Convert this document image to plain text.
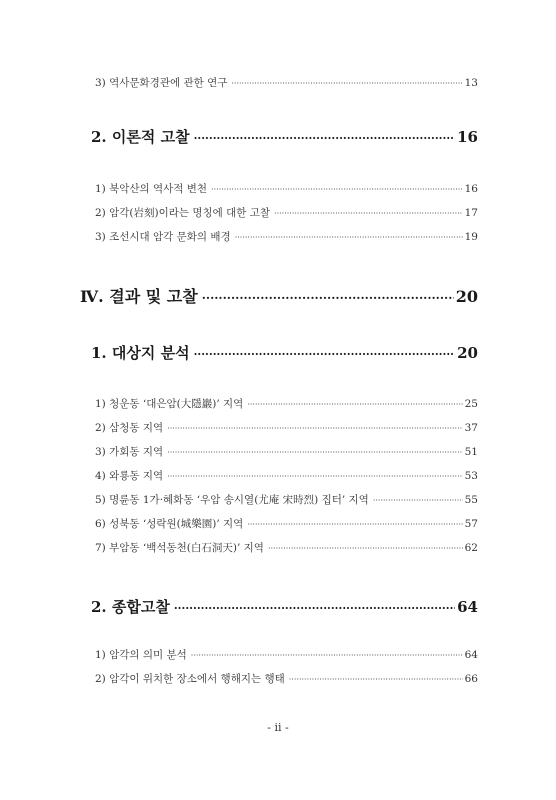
3) 역사문화경관에 관한 연구 ·····	13
2. 이론적 고찰 ·····	16
1) 북악산의 역사적 변천 ·····	16
2) 암각(岩刻)이라는 명칭에 대한 고찰 ·····	17
3) 조선시대 암각 문화의 배경 ·····	19
Ⅳ. 결과 및 고찰 ·····	20
1. 대상지 분석 ·····	20
1) 청운동 ‘대은암(大隱巖)’ 지역 ·····	25
2) 삼청동 지역 ·····	37
3) 가회동 지역 ·····	51
4) 와룡동 지역 ·····	53
5) 명륜동 1가·혜화동 ‘우암 송시열(尤庵 宋時烈) 집터’ 지역 ·····	55
6) 성북동 ‘성락원(城樂園)’ 지역 ·····	57
7) 부암동 ‘백석동천(白石洞天)’ 지역 ·····	62
2. 종합고찰 ·····	64
1) 암각의 의미 분석 ·····	64
2) 암각이 위치한 장소에서 행해지는 행태 ·····	66
- ii -
